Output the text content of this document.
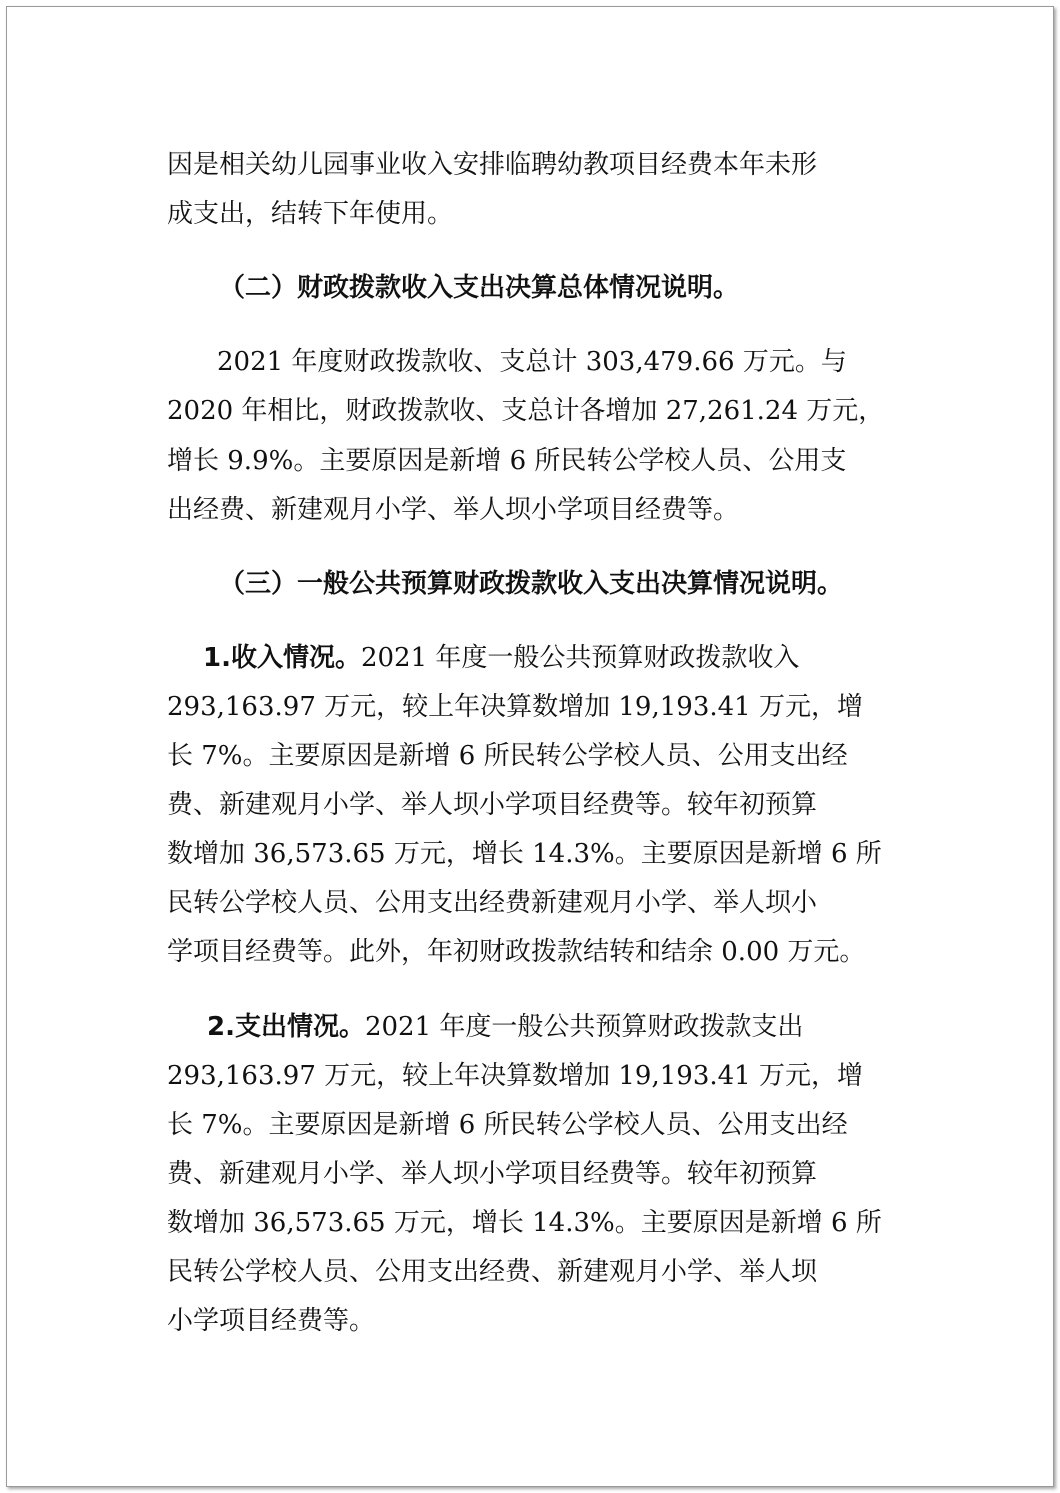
因是相关幼儿园事业收入安排临聘幼教项目经费本年未形

成支出，结转下年使用。

（二）财政拨款收入支出决算总体情况说明。

2021 年度财政拨款收、支总计 303,479.66 万元。与

2020 年相比，财政拨款收、支总计各增加 27,261.24 万元，

增长 9.9%。主要原因是新增 6 所民转公学校人员、公用支

出经费、新建观月小学、举人坝小学项目经费等。

（三）一般公共预算财政拨款收入支出决算情况说明。

1.收入情况。2021 年度一般公共预算财政拨款收入

293,163.97 万元，较上年决算数增加 19,193.41 万元，增

长 7%。主要原因是新增 6 所民转公学校人员、公用支出经

费、新建观月小学、举人坝小学项目经费等。较年初预算

数增加 36,573.65 万元，增长 14.3%。主要原因是新增 6 所

民转公学校人员、公用支出经费新建观月小学、举人坝小

学项目经费等。此外，年初财政拨款结转和结余 0.00 万元。

2.支出情况。2021 年度一般公共预算财政拨款支出

293,163.97 万元，较上年决算数增加 19,193.41 万元，增

长 7%。主要原因是新增 6 所民转公学校人员、公用支出经

费、新建观月小学、举人坝小学项目经费等。较年初预算

数增加 36,573.65 万元，增长 14.3%。主要原因是新增 6 所

民转公学校人员、公用支出经费、新建观月小学、举人坝

小学项目经费等。
